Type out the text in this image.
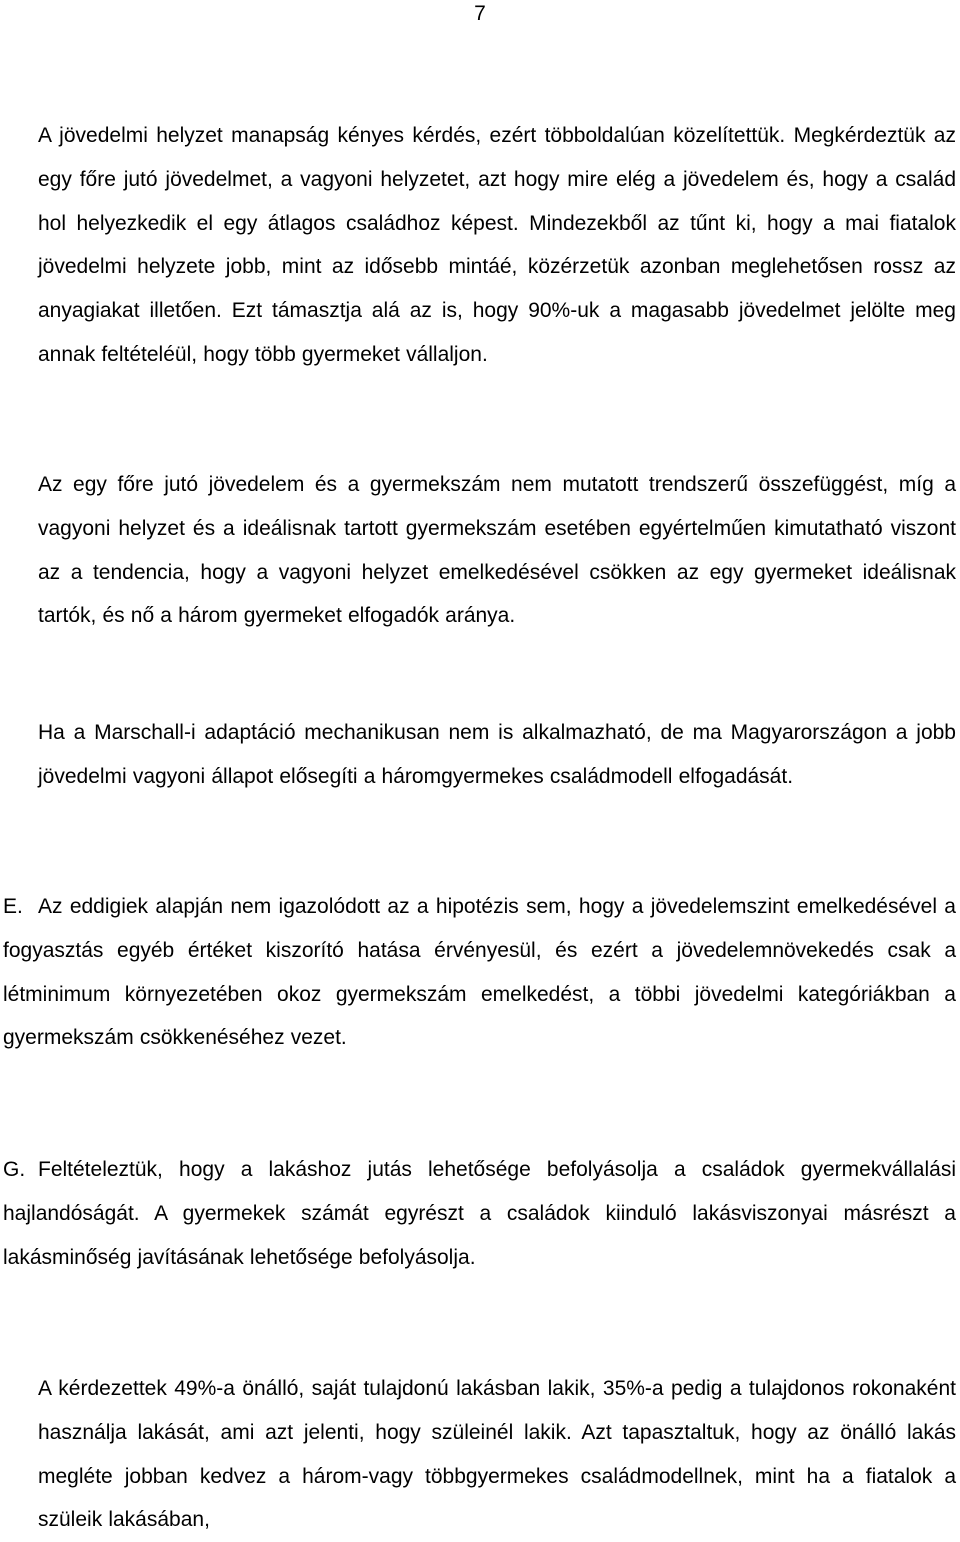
7

A jövedelmi helyzet manapság kényes kérdés, ezért többoldalúan közelítettük. Megkérdeztük az egy főre jutó jövedelmet, a vagyoni helyzetet, azt hogy mire elég a jövedelem és, hogy a család hol helyezkedik el egy átlagos családhoz képest. Mindezekből az tűnt ki, hogy a mai fiatalok jövedelmi helyzete jobb, mint az idősebb mintáé, közérzetük azonban meglehetősen rossz az anyagiakat illetően. Ezt támasztja alá az is, hogy 90%-uk a magasabb jövedelmet jelölte meg annak feltételéül, hogy több gyermeket vállaljon.

Az egy főre jutó jövedelem és a gyermekszám nem mutatott trendszerű összefüggést, míg a vagyoni helyzet és a ideálisnak tartott gyermekszám esetében egyértelműen kimutatható viszont az a tendencia, hogy a vagyoni helyzet emelkedésével csökken az egy gyermeket ideálisnak tartók, és nő a három gyermeket elfogadók aránya.

Ha a Marschall-i adaptáció mechanikusan nem is alkalmazható, de ma Magyarországon a jobb jövedelmi vagyoni állapot elősegíti a háromgyermekes családmodell elfogadását.

E. Az eddigiek alapján nem igazolódott az a hipotézis sem, hogy a jövedelemszint emelkedésével a fogyasztás egyéb értéket kiszorító hatása érvényesül, és ezért a jövedelemnövekedés csak a létminimum környezetében okoz gyermekszám emelkedést, a többi jövedelmi kategóriákban a gyermekszám csökkenéséhez vezet.

G. Feltételeztük, hogy a lakáshoz jutás lehetősége befolyásolja a családok gyermekvállalási hajlandóságát. A gyermekek számát egyrészt a családok kiinduló lakásviszonyai másrészt a lakásminőség javításának lehetősége befolyásolja.

A kérdezettek 49%-a önálló, saját tulajdonú lakásban lakik, 35%-a pedig a tulajdonos rokonaként használja lakását, ami azt jelenti, hogy szüleinél lakik. Azt tapasztaltuk, hogy az önálló lakás megléte jobban kedvez a három-vagy többgyermekes családmodellnek, mint ha a fiatalok a szüleik lakásában,
